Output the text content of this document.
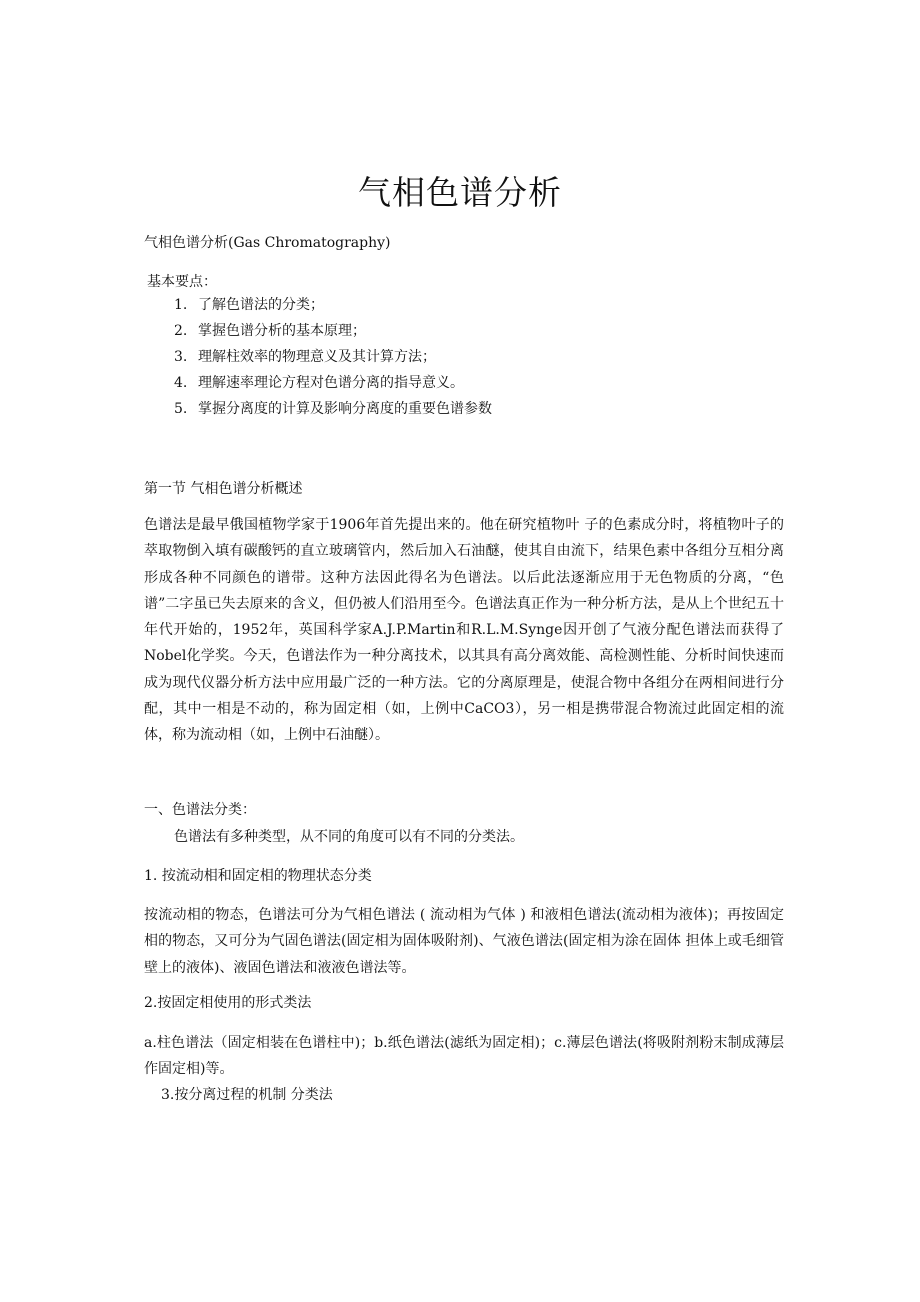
气相色谱分析
气相色谱分析(Gas Chromatography)
基本要点：
1. 了解色谱法的分类；
2. 掌握色谱分析的基本原理；
3. 理解柱效率的物理意义及其计算方法；
4. 理解速率理论方程对色谱分离的指导意义。
5. 掌握分离度的计算及影响分离度的重要色谱参数
第一节 气相色谱分析概述
色谱法是最早俄国植物学家于1906年首先提出来的。他在研究植物叶 子的色素成分时，将植物叶子的萃取物倒入填有碳酸钙的直立玻璃管内，然后加入石油醚，使其自由流下，结果色素中各组分互相分离形成各种不同颜色的谱带。这种方法因此得名为色谱法。以后此法逐渐应用于无色物质的分离，“色谱”二字虽已失去原来的含义，但仍被人们沿用至今。色谱法真正作为一种分析方法，是从上个世纪五十年代开始的，1952年，英国科学家A.J.P.Martin和R.L.M.Synge因开创了气液分配色谱法而获得了Nobel化学奖。今天，色谱法作为一种分离技术，以其具有高分离效能、高检测性能、分析时间快速而成为现代仪器分析方法中应用最广泛的一种方法。它的分离原理是，使混合物中各组分在两相间进行分配，其中一相是不动的，称为固定相（如，上例中CaCO3），另一相是携带混合物流过此固定相的流体，称为流动相（如，上例中石油醚）。
一、色谱法分类：
色谱法有多种类型，从不同的角度可以有不同的分类法。
1. 按流动相和固定相的物理状态分类
按流动相的物态，色谱法可分为气相色谱法 ( 流动相为气体 ) 和液相色谱法(流动相为液体)；再按固定相的物态，又可分为气固色谱法(固定相为固体吸附剂)、气液色谱法(固定相为涂在固体 担体上或毛细管壁上的液体)、液固色谱法和液液色谱法等。
2.按固定相使用的形式类法
a.柱色谱法（固定相装在色谱柱中)；b.纸色谱法(滤纸为固定相)；c.薄层色谱法(将吸附剂粉末制成薄层作固定相)等。
3.按分离过程的机制 分类法
